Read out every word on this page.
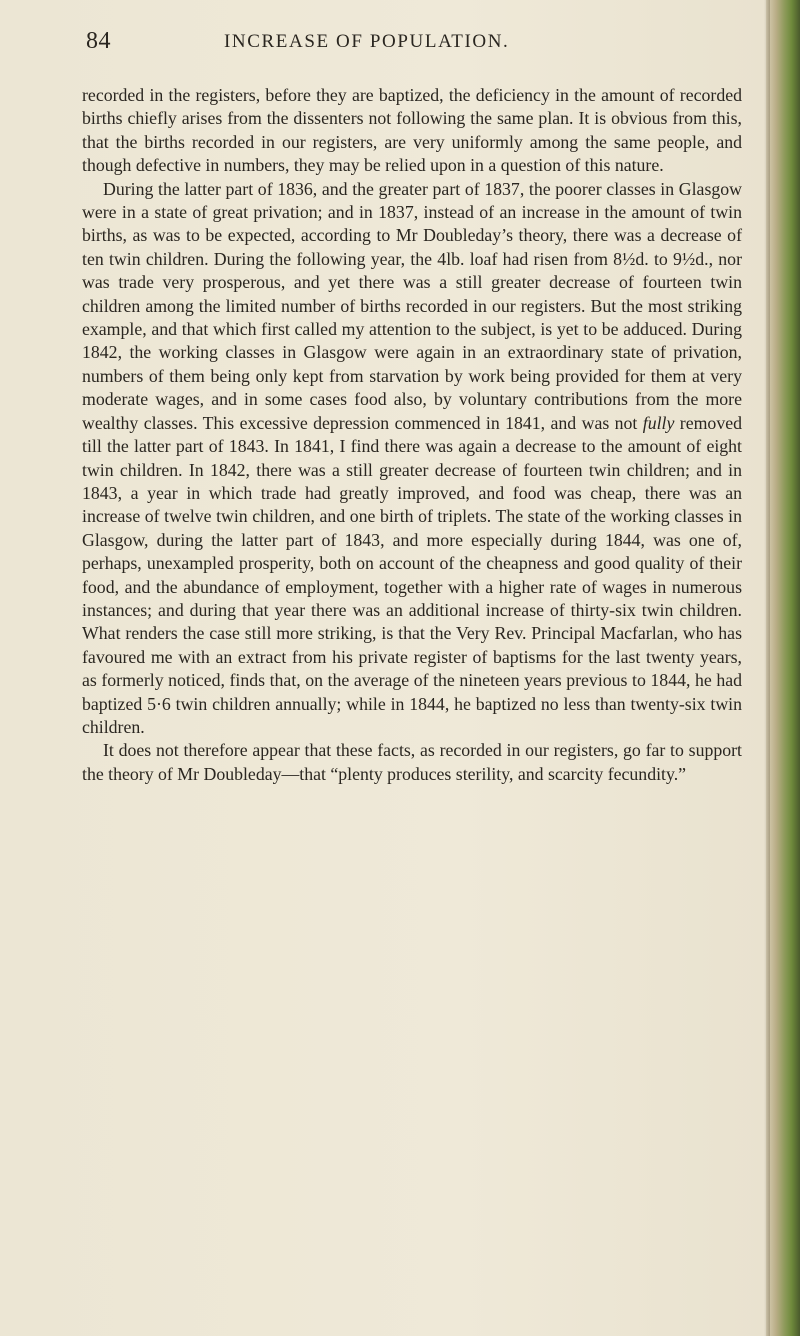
84	INCREASE OF POPULATION.

recorded in the registers, before they are baptized, the deficiency in the amount of recorded births chiefly arises from the dissenters not following the same plan. It is obvious from this, that the births recorded in our registers, are very uniformly among the same people, and though defective in numbers, they may be relied upon in a question of this nature.

During the latter part of 1836, and the greater part of 1837, the poorer classes in Glasgow were in a state of great privation; and in 1837, instead of an increase in the amount of twin births, as was to be expected, according to Mr Doubleday’s theory, there was a decrease of ten twin children. During the following year, the 4lb. loaf had risen from 8½d. to 9½d., nor was trade very prosperous, and yet there was a still greater decrease of fourteen twin children among the limited number of births recorded in our registers. But the most striking example, and that which first called my attention to the subject, is yet to be adduced. During 1842, the working classes in Glasgow were again in an extraordinary state of privation, numbers of them being only kept from starvation by work being provided for them at very moderate wages, and in some cases food also, by voluntary contributions from the more wealthy classes. This excessive depression commenced in 1841, and was not fully removed till the latter part of 1843. In 1841, I find there was again a decrease to the amount of eight twin children. In 1842, there was a still greater decrease of fourteen twin children; and in 1843, a year in which trade had greatly improved, and food was cheap, there was an increase of twelve twin children, and one birth of triplets. The state of the working classes in Glasgow, during the latter part of 1843, and more especially during 1844, was one of, perhaps, unexampled prosperity, both on account of the cheapness and good quality of their food, and the abundance of employment, together with a higher rate of wages in numerous instances; and during that year there was an additional increase of thirty-six twin children. What renders the case still more striking, is that the Very Rev. Principal Macfarlan, who has favoured me with an extract from his private register of baptisms for the last twenty years, as formerly noticed, finds that, on the average of the nineteen years previous to 1844, he had baptized 5·6 twin children annually; while in 1844, he baptized no less than twenty-six twin children.

It does not therefore appear that these facts, as recorded in our registers, go far to support the theory of Mr Doubleday—that “plenty produces sterility, and scarcity fecundity.”
